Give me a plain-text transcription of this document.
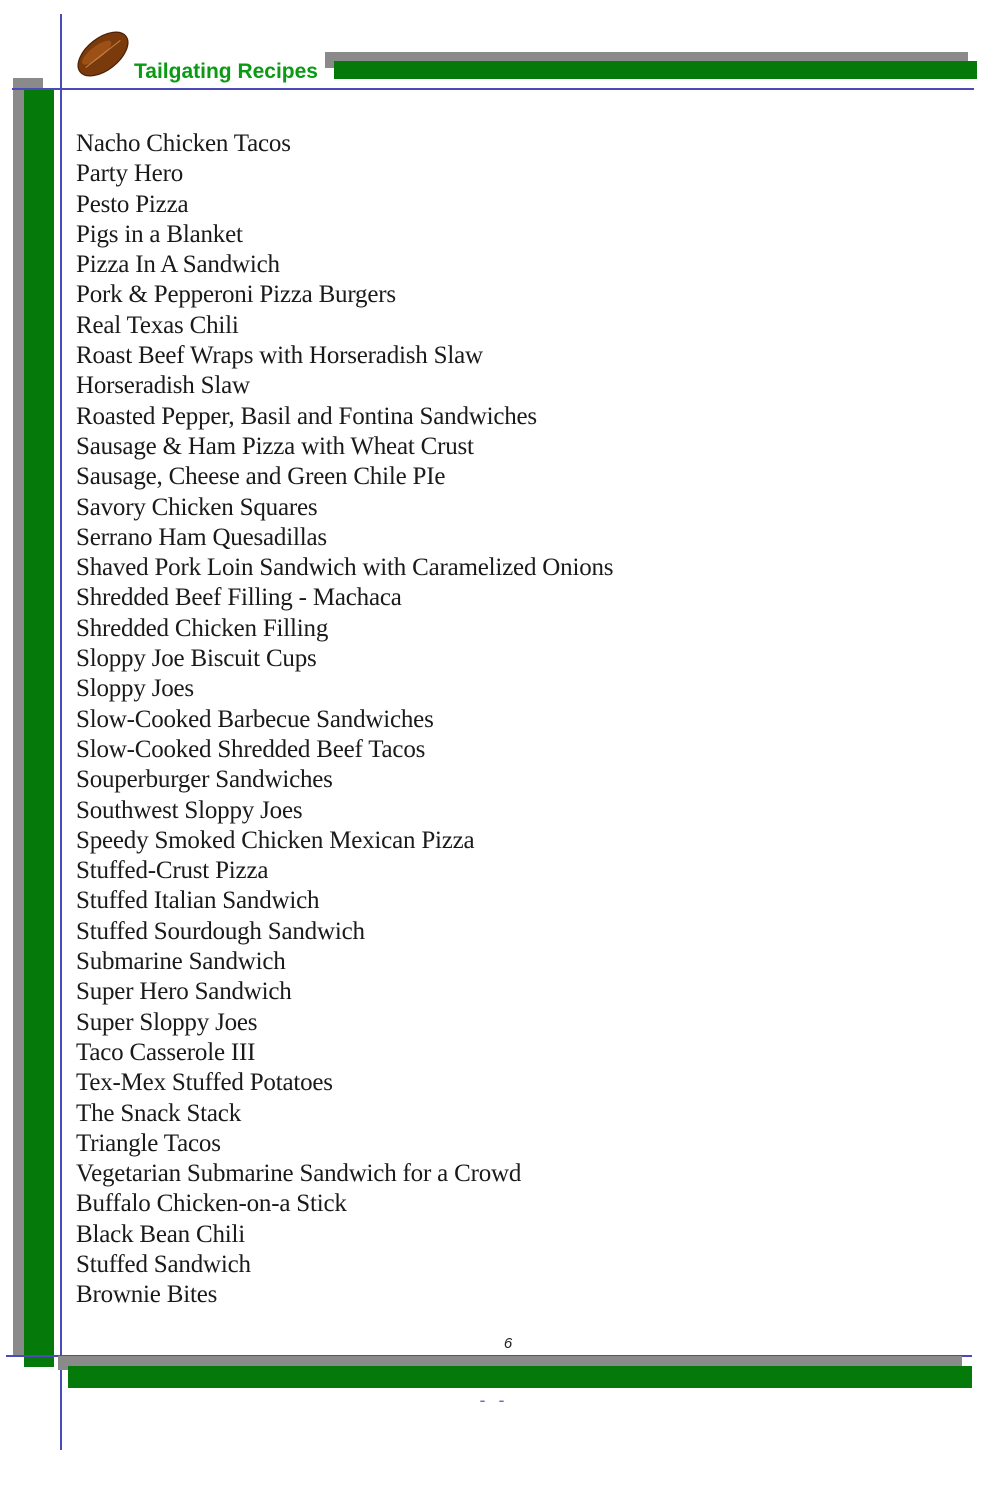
Tailgating Recipes
Nacho Chicken Tacos
Party Hero
Pesto Pizza
Pigs in a Blanket
Pizza In A Sandwich
Pork & Pepperoni Pizza Burgers
Real Texas Chili
Roast Beef Wraps with Horseradish Slaw
Horseradish Slaw
Roasted Pepper, Basil and Fontina Sandwiches
Sausage & Ham Pizza with Wheat Crust
Sausage, Cheese and Green Chile PIe
Savory Chicken Squares
Serrano Ham Quesadillas
Shaved Pork Loin Sandwich with Caramelized Onions
Shredded Beef Filling - Machaca
Shredded Chicken Filling
Sloppy Joe Biscuit Cups
Sloppy Joes
Slow-Cooked Barbecue Sandwiches
Slow-Cooked Shredded Beef Tacos
Souperburger Sandwiches
Southwest Sloppy Joes
Speedy Smoked Chicken Mexican Pizza
Stuffed-Crust Pizza
Stuffed Italian Sandwich
Stuffed Sourdough Sandwich
Submarine Sandwich
Super Hero Sandwich
Super Sloppy Joes
Taco Casserole III
Tex-Mex Stuffed Potatoes
The Snack Stack
Triangle Tacos
Vegetarian Submarine Sandwich for a Crowd
Buffalo Chicken-on-a Stick
Black Bean Chili
Stuffed Sandwich
Brownie Bites
6
- -
